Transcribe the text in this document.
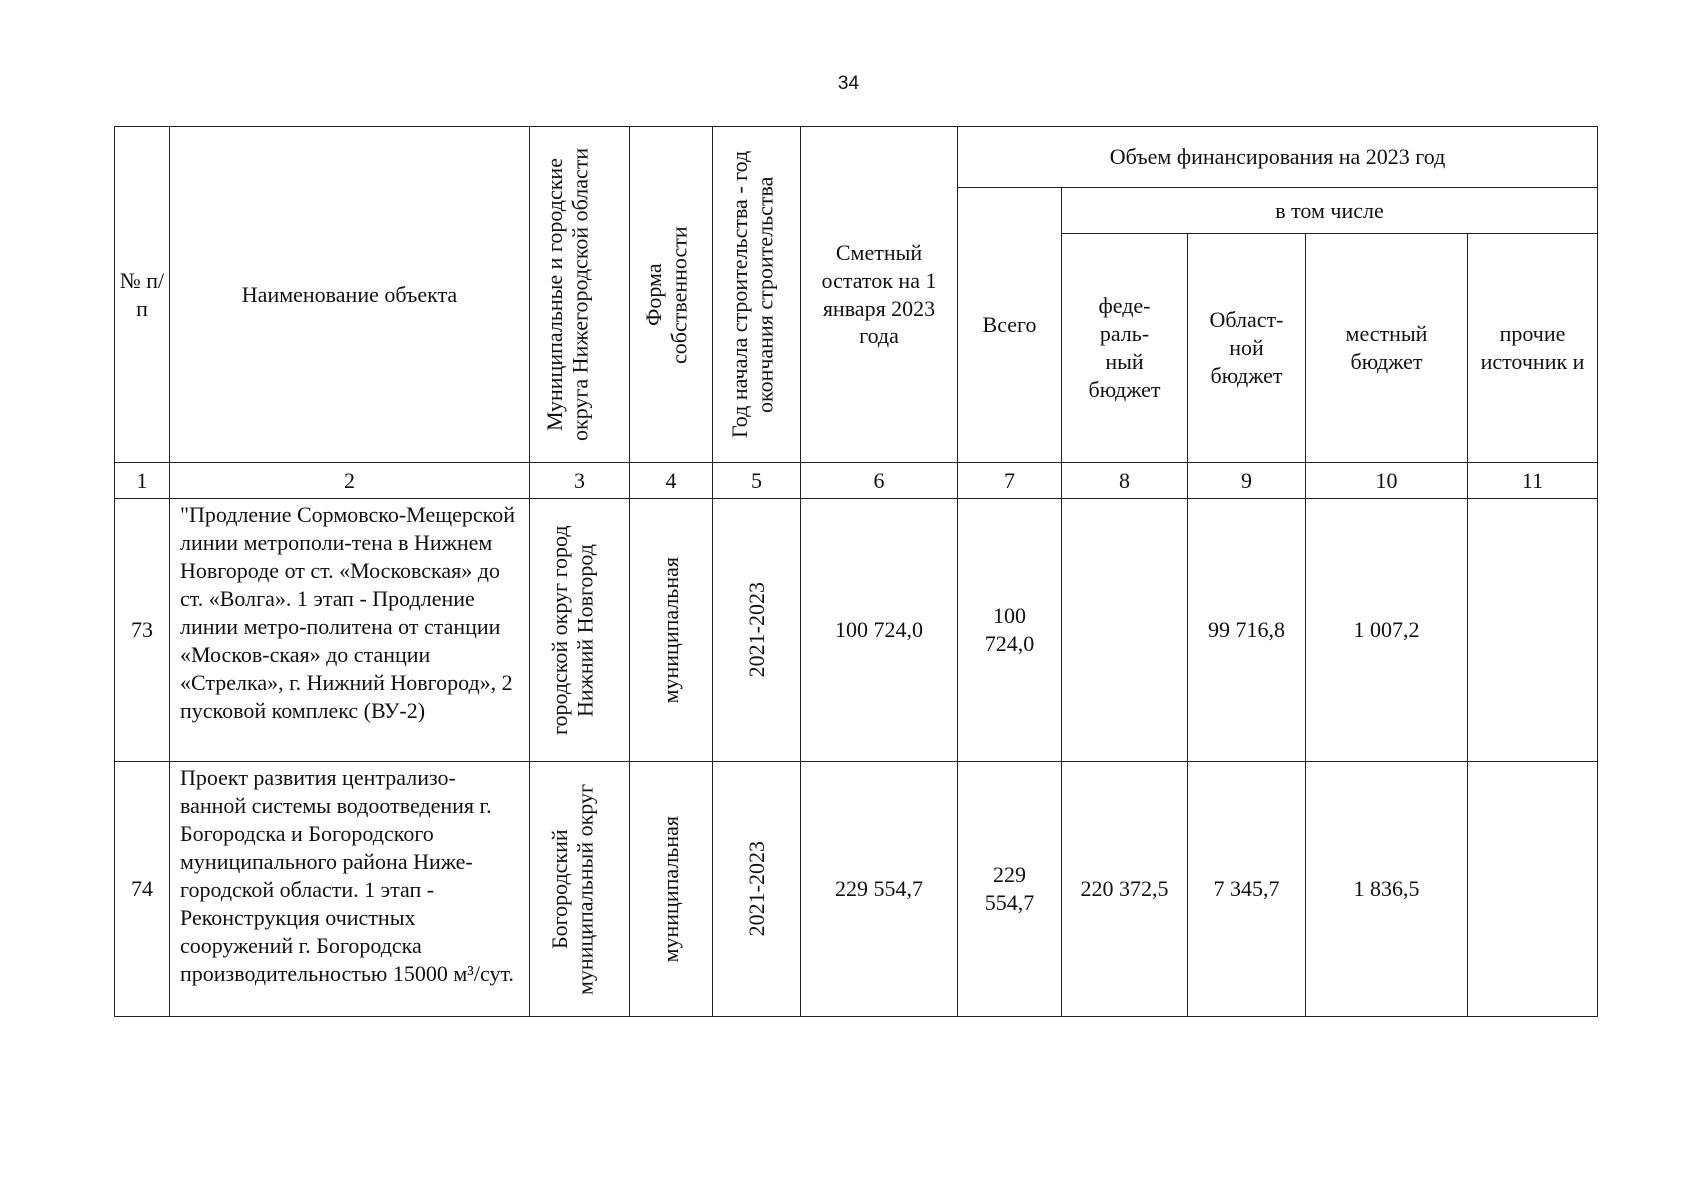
34
№ п/п	Наименование объекта	Муниципальные и городские округа Нижегородской области	Форма собственности	Год начала строительства - год окончания строительства	Сметный остаток на 1 января 2023 года	Объем финансирования на 2023 год				
						Всего	в том числе			
							феде-раль-ный бюджет	Област-ной бюджет	местный бюджет	прочие источник и
1	2	3	4	5	6	7	8	9	10	11
73	"Продление Сормовско-Мещерской линии метрополи-тена в Нижнем Новгороде от ст. «Московская» до ст. «Волга». 1 этап - Продление линии метро-политена от станции «Москов-ская» до станции «Стрелка», г. Нижний Новгород», 2 пусковой комплекс (ВУ-2)	городской округ город Нижний Новгород	муниципальная	2021-2023	100 724,0	100 724,0		99 716,8	1 007,2	
74	Проект развития централизо-ванной системы водоотведения г. Богородска и Богородского муниципального района Ниже-городской области. 1 этап - Реконструкция очистных сооружений г. Богородска производительностью 15000 м³/сут.	Богородский муниципальный округ	муниципальная	2021-2023	229 554,7	229 554,7	220 372,5	7 345,7	1 836,5	
